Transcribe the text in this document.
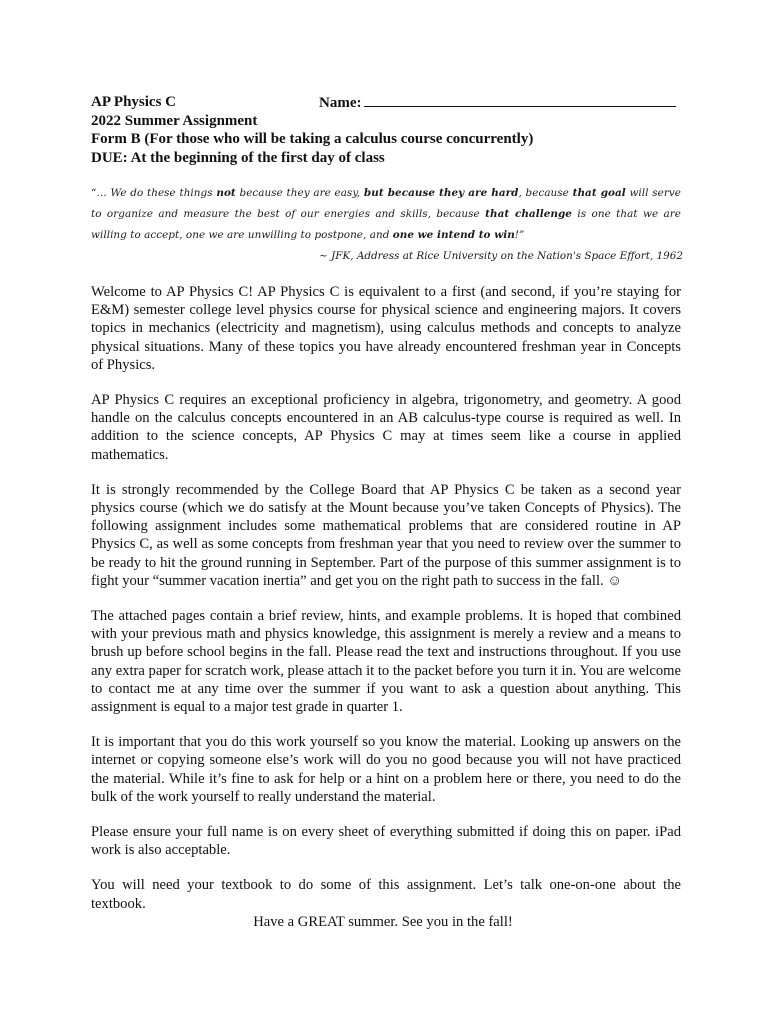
AP Physics C	Name:
2022 Summer Assignment
Form B (For those who will be taking a calculus course concurrently)
DUE: At the beginning of the first day of class
“… We do these things not because they are easy, but because they are hard, because that goal will serve to organize and measure the best of our energies and skills, because that challenge is one that we are willing to accept, one we are unwilling to postpone, and one we intend to win!”
~ JFK, Address at Rice University on the Nation's Space Effort, 1962

Welcome to AP Physics C! AP Physics C is equivalent to a first (and second, if you’re staying for E&M) semester college level physics course for physical science and engineering majors. It covers topics in mechanics (electricity and magnetism), using calculus methods and concepts to analyze physical situations. Many of these topics you have already encountered freshman year in Concepts of Physics.

AP Physics C requires an exceptional proficiency in algebra, trigonometry, and geometry. A good handle on the calculus concepts encountered in an AB calculus-type course is required as well. In addition to the science concepts, AP Physics C may at times seem like a course in applied mathematics.

It is strongly recommended by the College Board that AP Physics C be taken as a second year physics course (which we do satisfy at the Mount because you’ve taken Concepts of Physics). The following assignment includes some mathematical problems that are considered routine in AP Physics C, as well as some concepts from freshman year that you need to review over the summer to be ready to hit the ground running in September. Part of the purpose of this summer assignment is to fight your “summer vacation inertia” and get you on the right path to success in the fall. ☺

The attached pages contain a brief review, hints, and example problems. It is hoped that combined with your previous math and physics knowledge, this assignment is merely a review and a means to brush up before school begins in the fall. Please read the text and instructions throughout. If you use any extra paper for scratch work, please attach it to the packet before you turn it in. You are welcome to contact me at any time over the summer if you want to ask a question about anything. This assignment is equal to a major test grade in quarter 1.

It is important that you do this work yourself so you know the material. Looking up answers on the internet or copying someone else’s work will do you no good because you will not have practiced the material. While it’s fine to ask for help or a hint on a problem here or there, you need to do the bulk of the work yourself to really understand the material.

Please ensure your full name is on every sheet of everything submitted if doing this on paper. iPad work is also acceptable.

You will need your textbook to do some of this assignment. Let’s talk one-on-one about the textbook.

Have a GREAT summer. See you in the fall!
